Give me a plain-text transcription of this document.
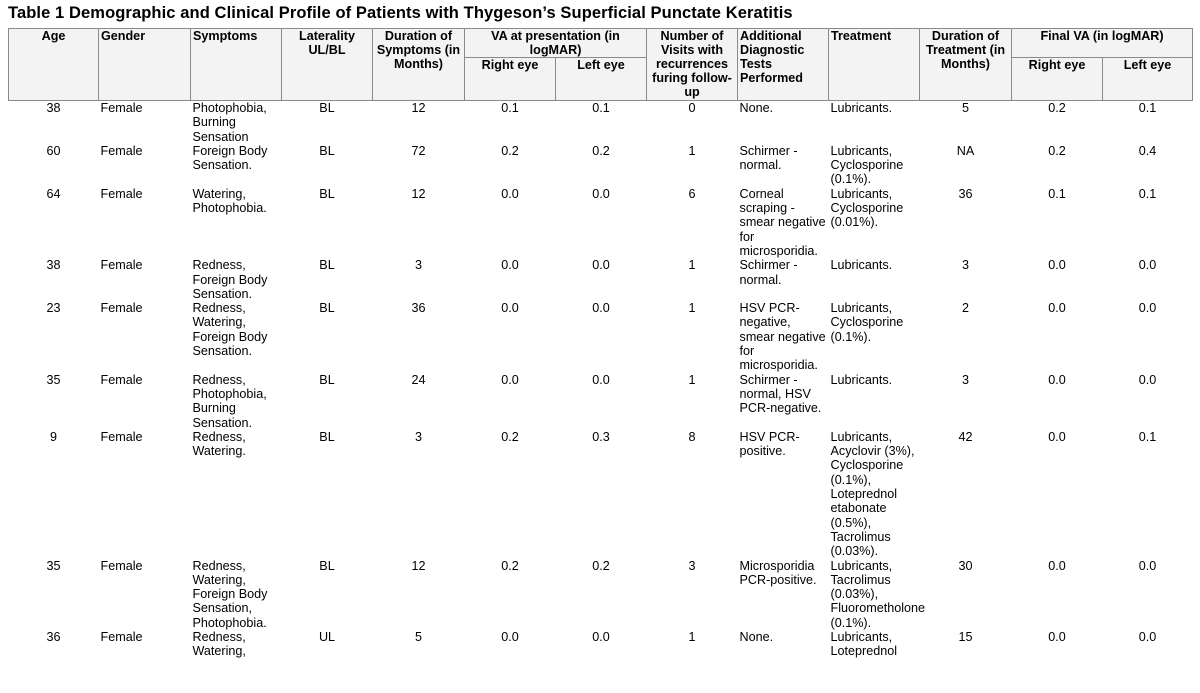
Table 1 Demographic and Clinical Profile of Patients with Thygeson’s Superficial Punctate Keratitis
Age	Gender	Symptoms	Laterality UL/BL	Duration of Symptoms (in Months)	VA at presentation (in logMAR)		Number of Visits with recurrences furing follow-up	Additional Diagnostic Tests Performed	Treatment	Duration of Treatment (in Months)	Final VA (in logMAR)	
					Right eye	Left eye					Right eye	Left eye
38	Female	Photophobia, Burning Sensation	BL	12	0.1	0.1	0	None.	Lubricants.	5	0.2	0.1
60	Female	Foreign Body Sensation.	BL	72	0.2	0.2	1	Schirmer - normal.	Lubricants, Cyclosporine (0.1%).	NA	0.2	0.4
64	Female	Watering, Photophobia.	BL	12	0.0	0.0	6	Corneal scraping - smear negative for microsporidia.	Lubricants, Cyclosporine (0.01%).	36	0.1	0.1
38	Female	Redness, Foreign Body Sensation.	BL	3	0.0	0.0	1	Schirmer - normal.	Lubricants.	3	0.0	0.0
23	Female	Redness, Watering, Foreign Body Sensation.	BL	36	0.0	0.0	1	HSV PCR-negative, smear negative for microsporidia.	Lubricants, Cyclosporine (0.1%).	2	0.0	0.0
35	Female	Redness, Photophobia, Burning Sensation.	BL	24	0.0	0.0	1	Schirmer - normal, HSV PCR-negative.	Lubricants.	3	0.0	0.0
9	Female	Redness, Watering.	BL	3	0.2	0.3	8	HSV PCR-positive.	Lubricants, Acyclovir (3%), Cyclosporine (0.1%), Loteprednol etabonate (0.5%), Tacrolimus (0.03%).	42	0.0	0.1
35	Female	Redness, Watering, Foreign Body Sensation, Photophobia.	BL	12	0.2	0.2	3	Microsporidia PCR-positive.	Lubricants, Tacrolimus (0.03%), Fluorometholone (0.1%).	30	0.0	0.0
36	Female	Redness, Watering,	UL	5	0.0	0.0	1	None.	Lubricants, Loteprednol	15	0.0	0.0
